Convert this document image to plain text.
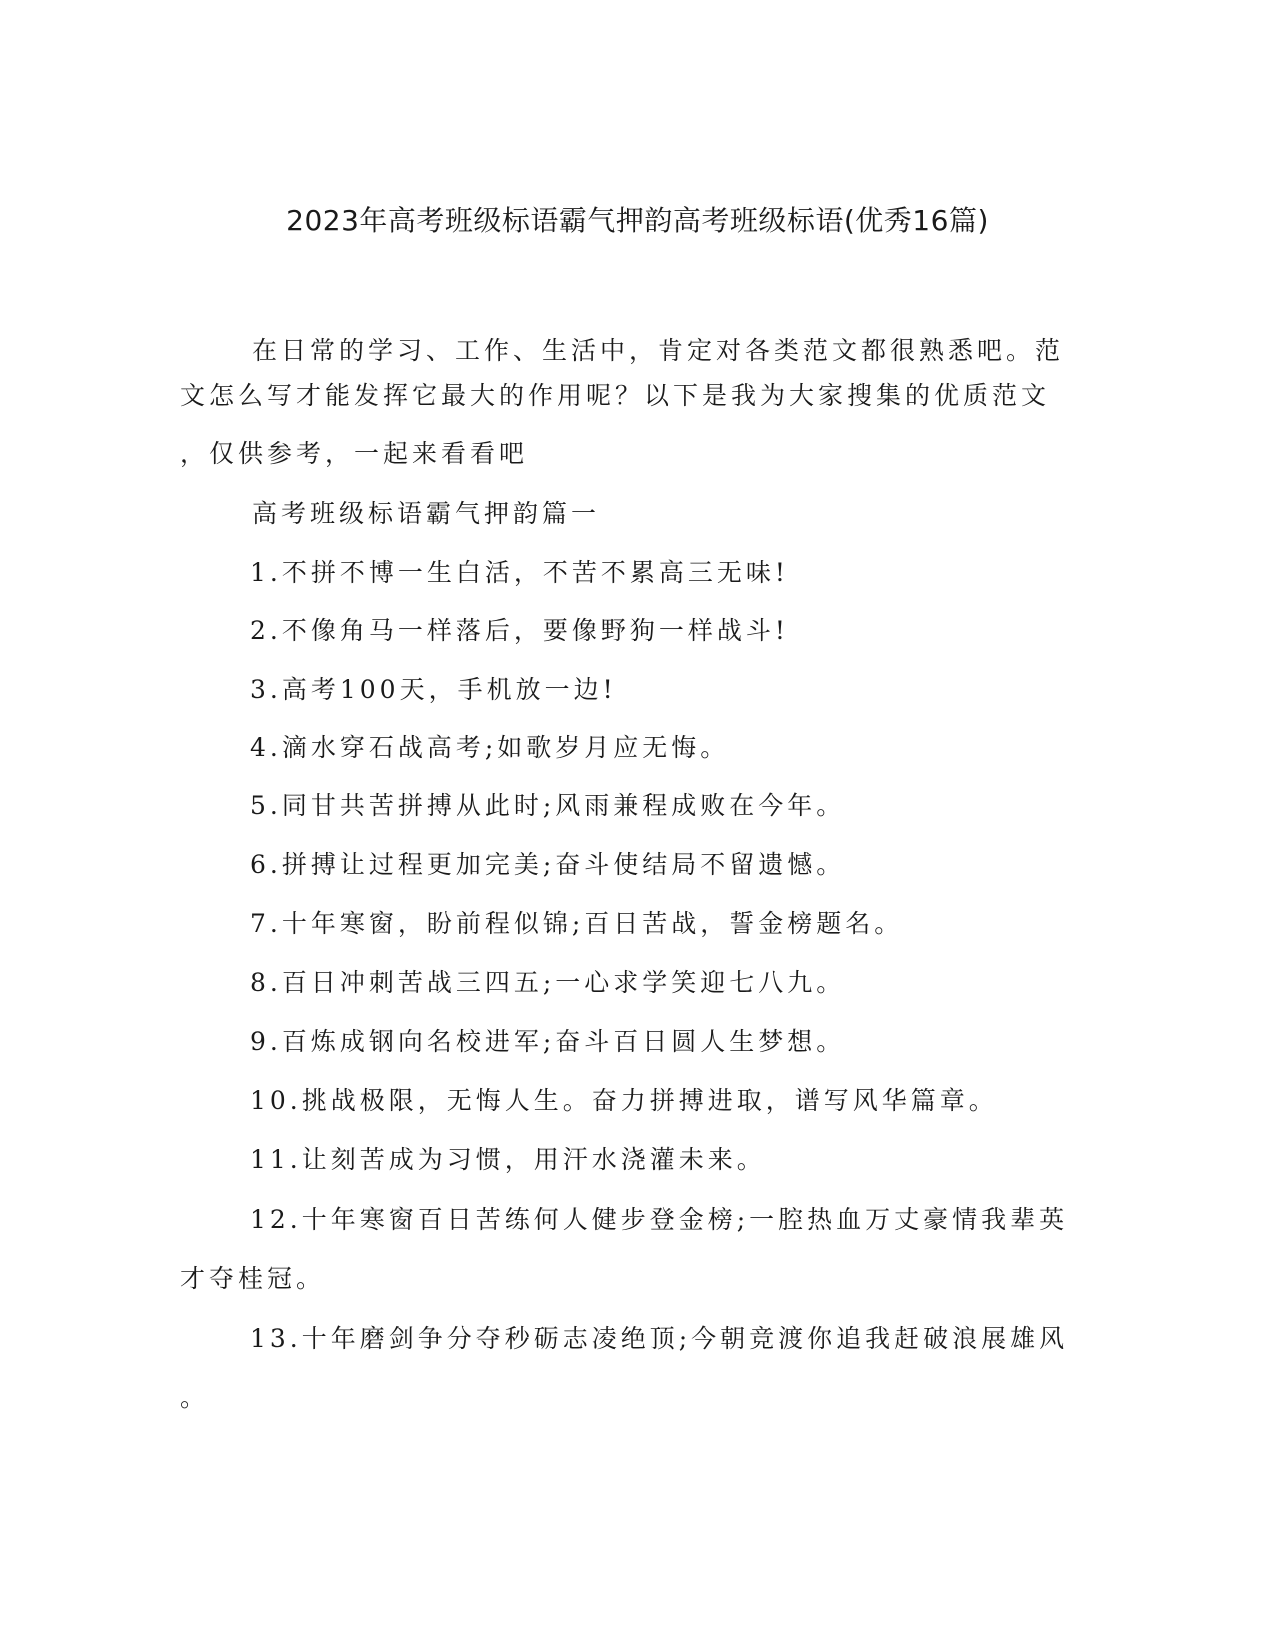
2023年高考班级标语霸气押韵高考班级标语(优秀16篇)
在日常的学习、工作、生活中，肯定对各类范文都很熟悉吧。范
文怎么写才能发挥它最大的作用呢？以下是我为大家搜集的优质范文
，仅供参考，一起来看看吧
高考班级标语霸气押韵篇一
1.不拼不博一生白活，不苦不累高三无味!
2.不像角马一样落后，要像野狗一样战斗!
3.高考100天，手机放一边!
4.滴水穿石战高考;如歌岁月应无悔。
5.同甘共苦拼搏从此时;风雨兼程成败在今年。
6.拼搏让过程更加完美;奋斗使结局不留遗憾。
7.十年寒窗，盼前程似锦;百日苦战，誓金榜题名。
8.百日冲刺苦战三四五;一心求学笑迎七八九。
9.百炼成钢向名校进军;奋斗百日圆人生梦想。
10.挑战极限，无悔人生。奋力拼搏进取，谱写风华篇章。
11.让刻苦成为习惯，用汗水浇灌未来。
12.十年寒窗百日苦练何人健步登金榜;一腔热血万丈豪情我辈英
才夺桂冠。
13.十年磨剑争分夺秒砺志凌绝顶;今朝竞渡你追我赶破浪展雄风
。
